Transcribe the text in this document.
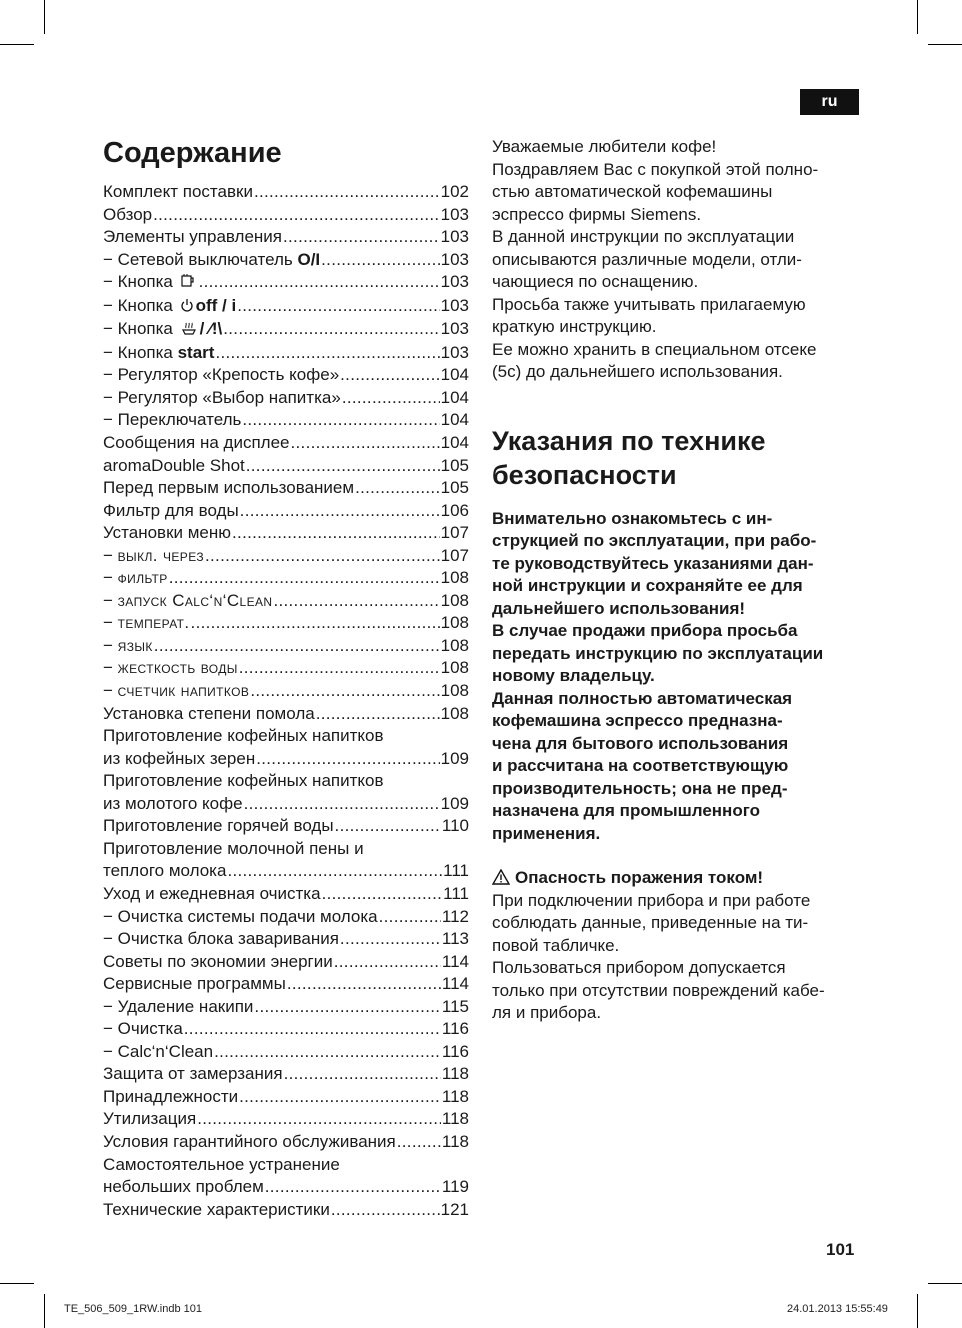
ru
Содержание
Комплект поставки .....	102
Обзор .....	103
Элементы управления .....	103
− Сетевой выключатель O/I .....	103
− Кнопка .....	103
− Кнопка off / i .....	103
− Кнопка / ⁄!\ .....	103
− Кнопка start .....	103
− Регулятор «Крепость кофе» .....	104
− Регулятор «Выбор напитка» .....	104
− Переключатель .....	104
Сообщения на дисплее .....	104
aromaDouble Shot .....	105
Перед первым использованием .....	105
Фильтр для воды .....	106
Установки меню .....	107
− выкл. через .....	107
− фильтр .....	108
− запуск Calc‘n‘Clean .....	108
− температ. .....	108
− язык .....	108
− жесткость воды .....	108
− счетчик напитков .....	108
Установка степени помола .....	108
Приготовление кофейных напитков
из кофейных зерен .....	109
Приготовление кофейных напитков
из молотого кофе .....	109
Приготовление горячей воды .....	110
Приготовление молочной пены и
теплого молока .....	111
Уход и ежедневная очистка .....	111
− Очистка системы подачи молока .....	112
− Очистка блока заваривания .....	113
Советы по экономии энергии .....	114
Сервисные программы .....	114
− Удаление накипи .....	115
− Очистка .....	116
− Calc‘n‘Clean .....	116
Защита от замерзания .....	118
Принадлежности .....	118
Утилизация .....	118
Условия гарантийного обслуживания .....	118
Самостоятельное устранение
небольших проблем .....	119
Технические характеристики .....	121

Уважаемые любители кофе!

Поздравляем Вас с покупкой этой полно-

стью автоматической кофемашины

эспрессо фирмы Siemens.

В данной инструкции по эксплуатации

описываются различные модели, отли-

чающиеся по оснащению.

Просьба также учитывать прилагаемую

краткую инструкцию.

Ее можно хранить в специальном отсеке

(5c) до дальнейшего использования.

Указания по технике
безопасности

Внимательно ознакомьтесь с ин-

струкцией по эксплуатации, при рабо-

те руководствуйтесь указаниями дан-

ной инструкции и сохраняйте ее для

дальнейшего использования!

В случае продажи прибора просьба

передать инструкцию по эксплуатации

новому владельцу.

Данная полностью автоматическая

кофемашина эспрессо предназна-

чена для бытового использования

и рассчитана на соответствующую

производительность; она не пред-

назначена для промышленного

применения.

Опасность поражения током!

При подключении прибора и при работе

соблюдать данные, приведенные на ти-

повой табличке.

Пользоваться прибором допускается

только при отсутствии повреждений кабе-

ля и прибора.

101
TE_506_509_1RW.indb 101	24.01.2013 15:55:49
